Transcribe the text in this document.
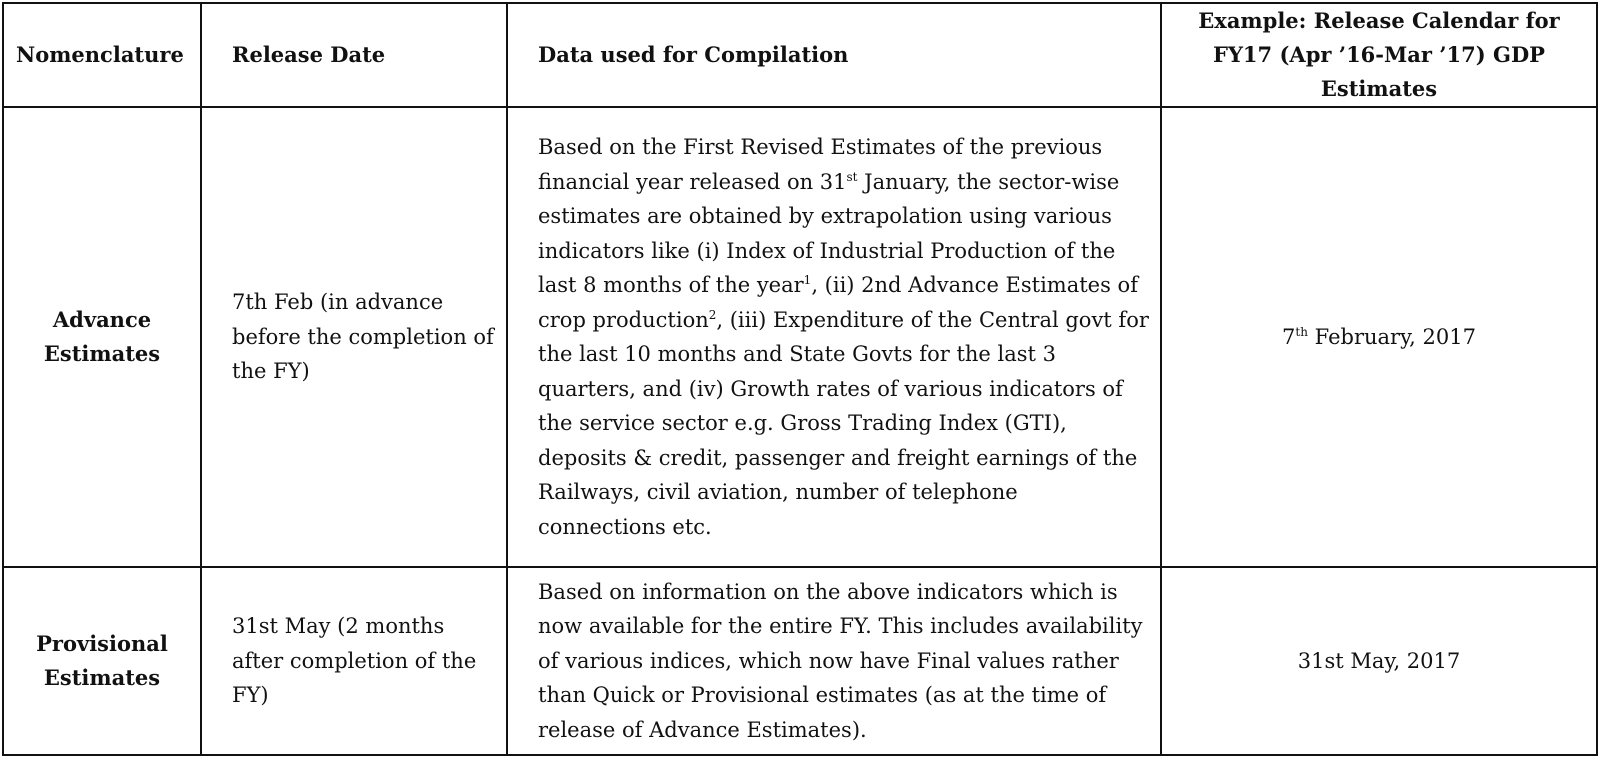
Nomenclature	Release Date	Data used for Compilation	Example: Release Calendar for FY17 (Apr ’16-Mar ’17) GDP Estimates
Advance Estimates	7th Feb (in advance before the completion of the FY)	Based on the First Revised Estimates of the previous financial year released on 31st January, the sector-wise estimates are obtained by extrapolation using various indicators like (i) Index of Industrial Production of the last 8 months of the year$^1$, (ii) 2nd Advance Estimates of crop production$^2$, (iii) Expenditure of the Central govt for the last 10 months and State Govts for the last 3 quarters, and (iv) Growth rates of various indicators of the service sector e.g. Gross Trading Index (GTI), deposits & credit, passenger and freight earnings of the Railways, civil aviation, number of telephone connections etc.	7th February, 2017
Provisional Estimates	31st May (2 months after completion of the FY)	Based on information on the above indicators which is now available for the entire FY. This includes availability of various indices, which now have Final values rather than Quick or Provisional estimates (as at the time of release of Advance Estimates).	31st May, 2017
